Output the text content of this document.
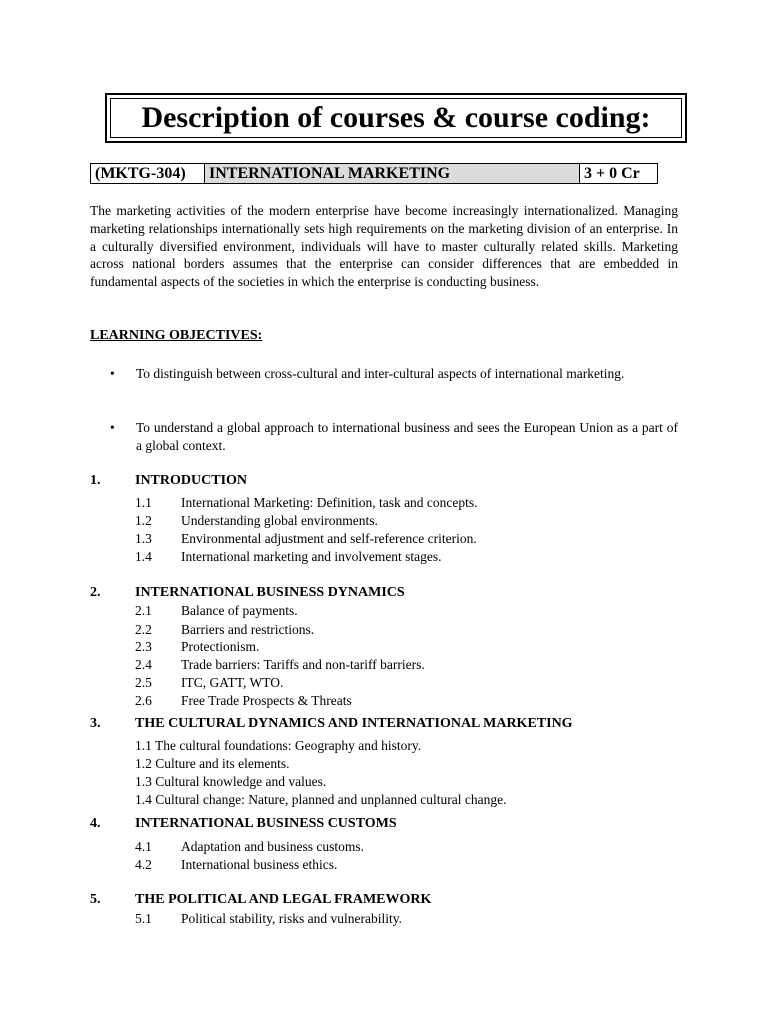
Description of courses & course coding:
(MKTG-304)	INTERNATIONAL MARKETING	3 + 0 Cr

The marketing activities of the modern enterprise have become increasingly internationalized. Managing marketing relationships internationally sets high requirements on the marketing division of an enterprise. In a culturally diversified environment, individuals will have to master culturally related skills. Marketing across national borders assumes that the enterprise can consider differences that are embedded in fundamental aspects of the societies in which the enterprise is conducting business.

LEARNING OBJECTIVES:
• To distinguish between cross-cultural and inter-cultural aspects of international marketing.
• To understand a global approach to international business and sees the European Union as a part of a global context.
1. INTRODUCTION
1.1 International Marketing: Definition, task and concepts.
1.2 Understanding global environments.
1.3 Environmental adjustment and self-reference criterion.
1.4 International marketing and involvement stages.
2. INTERNATIONAL BUSINESS DYNAMICS
2.1 Balance of payments.
2.2 Barriers and restrictions.
2.3 Protectionism.
2.4 Trade barriers: Tariffs and non-tariff barriers.
2.5 ITC, GATT, WTO.
2.6 Free Trade Prospects & Threats
3. THE CULTURAL DYNAMICS AND INTERNATIONAL MARKETING
1.1 The cultural foundations: Geography and history.
1.2 Culture and its elements.
1.3 Cultural knowledge and values.
1.4 Cultural change: Nature, planned and unplanned cultural change.
4. INTERNATIONAL BUSINESS CUSTOMS
4.1 Adaptation and business customs.
4.2 International business ethics.
5. THE POLITICAL AND LEGAL FRAMEWORK
5.1 Political stability, risks and vulnerability.
